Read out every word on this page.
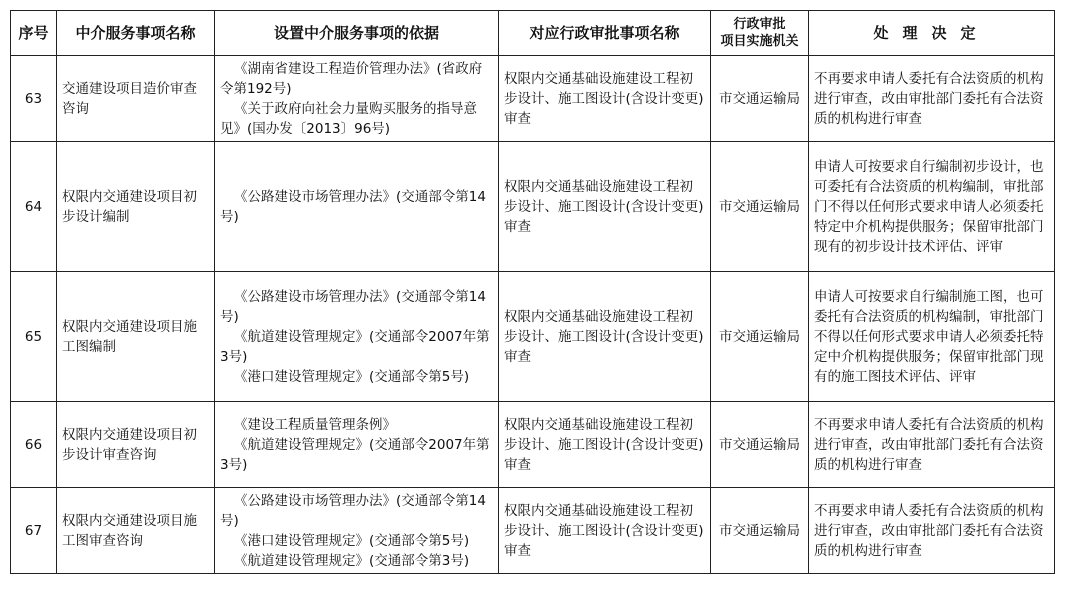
序号	中介服务事项名称	设置中介服务事项的依据	对应行政审批事项名称	行政审批
项目实施机关	处理决定
63	交通建设项目造价审查咨询	《湖南省建设工程造价管理办法》(省政府令第192号)
《关于政府向社会力量购买服务的指导意见》(国办发〔2013〕96号)	权限内交通基础设施建设工程初步设计、施工图设计(含设计变更)审查	市交通运输局	不再要求申请人委托有合法资质的机构进行审查，改由审批部门委托有合法资质的机构进行审查

64	权限内交通建设项目初步设计编制	《公路建设市场管理办法》(交通部令第14号)	权限内交通基础设施建设工程初步设计、施工图设计(含设计变更)审查	市交通运输局	申请人可按要求自行编制初步设计，也可委托有合法资质的机构编制，审批部门不得以任何形式要求申请人必须委托特定中介机构提供服务；保留审批部门现有的初步设计技术评估、评审

65	权限内交通建设项目施工图编制	《公路建设市场管理办法》(交通部令第14号)
《航道建设管理规定》(交通部令2007年第3号)
《港口建设管理规定》(交通部令第5号)	权限内交通基础设施建设工程初步设计、施工图设计(含设计变更)审查	市交通运输局	申请人可按要求自行编制施工图，也可委托有合法资质的机构编制，审批部门不得以任何形式要求申请人必须委托特定中介机构提供服务；保留审批部门现有的施工图技术评估、评审

66	权限内交通建设项目初步设计审查咨询	《建设工程质量管理条例》
《航道建设管理规定》(交通部令2007年第3号)	权限内交通基础设施建设工程初步设计、施工图设计(含设计变更)审查	市交通运输局	不再要求申请人委托有合法资质的机构进行审查，改由审批部门委托有合法资质的机构进行审查

67	权限内交通建设项目施工图审查咨询	《公路建设市场管理办法》(交通部令第14号)
《港口建设管理规定》(交通部令第5号)
《航道建设管理规定》(交通部令第3号)	权限内交通基础设施建设工程初步设计、施工图设计(含设计变更)审查	市交通运输局	不再要求申请人委托有合法资质的机构进行审查，改由审批部门委托有合法资质的机构进行审查
